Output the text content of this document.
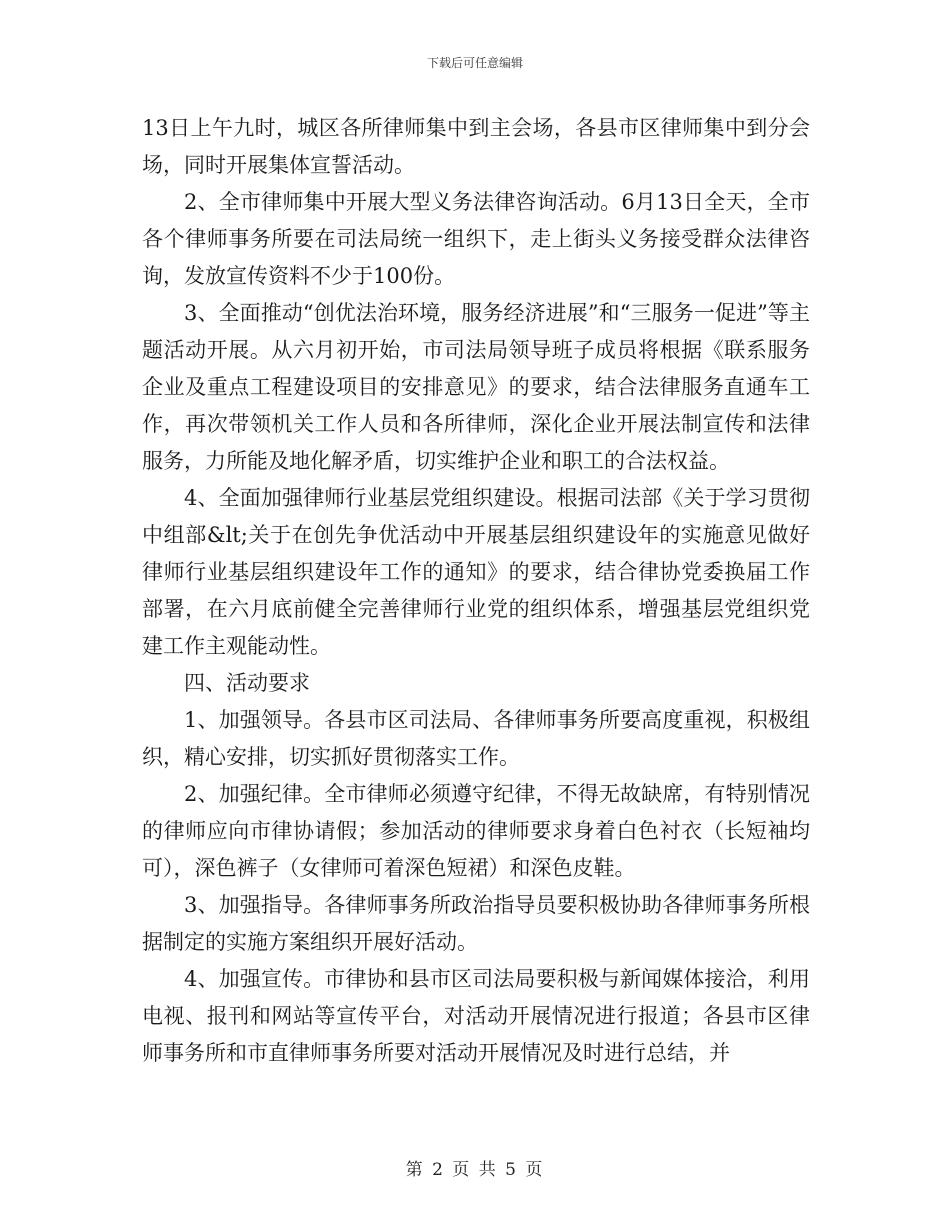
下载后可任意编辑

13日上午九时，城区各所律师集中到主会场，各县市区律师集中到分会场，同时开展集体宣誓活动。

2、全市律师集中开展大型义务法律咨询活动。6月13日全天，全市各个律师事务所要在司法局统一组织下，走上街头义务接受群众法律咨询，发放宣传资料不少于100份。

3、全面推动“创优法治环境，服务经济进展”和“三服务一促进”等主题活动开展。从六月初开始，市司法局领导班子成员将根据《联系服务企业及重点工程建设项目的安排意见》的要求，结合法律服务直通车工作，再次带领机关工作人员和各所律师，深化企业开展法制宣传和法律服务，力所能及地化解矛盾，切实维护企业和职工的合法权益。

4、全面加强律师行业基层党组织建设。根据司法部《关于学习贯彻中组部&lt;关于在创先争优活动中开展基层组织建设年的实施意见做好律师行业基层组织建设年工作的通知》的要求，结合律协党委换届工作部署，在六月底前健全完善律师行业党的组织体系，增强基层党组织党建工作主观能动性。

四、活动要求

1、加强领导。各县市区司法局、各律师事务所要高度重视，积极组织，精心安排，切实抓好贯彻落实工作。

2、加强纪律。全市律师必须遵守纪律，不得无故缺席，有特别情况的律师应向市律协请假；参加活动的律师要求身着白色衬衣（长短袖均可），深色裤子（女律师可着深色短裙）和深色皮鞋。

3、加强指导。各律师事务所政治指导员要积极协助各律师事务所根据制定的实施方案组织开展好活动。

4、加强宣传。市律协和县市区司法局要积极与新闻媒体接洽，利用电视、报刊和网站等宣传平台，对活动开展情况进行报道；各县市区律师事务所和市直律师事务所要对活动开展情况及时进行总结，并

第 2 页 共 5 页
